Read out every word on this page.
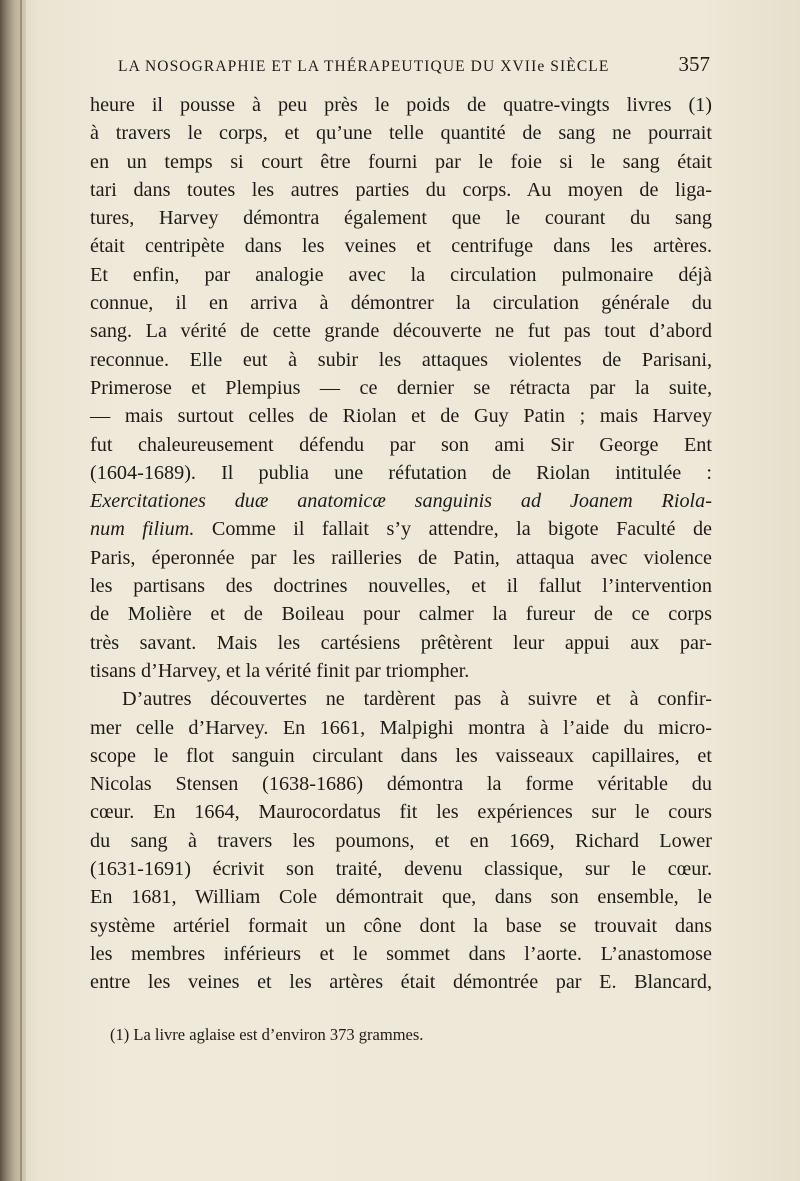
LA NOSOGRAPHIE ET LA THÉRAPEUTIQUE DU XVIIe SIÈCLE	357
heure il pousse à peu près le poids de quatre-vingts livres (1)
à travers le corps, et qu’une telle quantité de sang ne pourrait
en un temps si court être fourni par le foie si le sang était
tari dans toutes les autres parties du corps. Au moyen de liga-
tures, Harvey démontra également que le courant du sang
était centripète dans les veines et centrifuge dans les artères.
Et enfin, par analogie avec la circulation pulmonaire déjà
connue, il en arriva à démontrer la circulation générale du
sang. La vérité de cette grande découverte ne fut pas tout d’abord
reconnue. Elle eut à subir les attaques violentes de Parisani,
Primerose et Plempius — ce dernier se rétracta par la suite,
— mais surtout celles de Riolan et de Guy Patin ; mais Harvey
fut chaleureusement défendu par son ami Sir George Ent
(1604-1689). Il publia une réfutation de Riolan intitulée :
Exercitationes duæ anatomicæ sanguinis ad Joanem Riola-
num filium. Comme il fallait s’y attendre, la bigote Faculté de
Paris, éperonnée par les railleries de Patin, attaqua avec violence
les partisans des doctrines nouvelles, et il fallut l’intervention
de Molière et de Boileau pour calmer la fureur de ce corps
très savant. Mais les cartésiens prêtèrent leur appui aux par-
tisans d’Harvey, et la vérité finit par triompher.
D’autres découvertes ne tardèrent pas à suivre et à confir-
mer celle d’Harvey. En 1661, Malpighi montra à l’aide du micro-
scope le flot sanguin circulant dans les vaisseaux capillaires, et
Nicolas Stensen (1638-1686) démontra la forme véritable du
cœur. En 1664, Maurocordatus fit les expériences sur le cours
du sang à travers les poumons, et en 1669, Richard Lower
(1631-1691) écrivit son traité, devenu classique, sur le cœur.
En 1681, William Cole démontrait que, dans son ensemble, le
système artériel formait un cône dont la base se trouvait dans
les membres inférieurs et le sommet dans l’aorte. L’anastomose
entre les veines et les artères était démontrée par E. Blancard,
(1) La livre aglaise est d’environ 373 grammes.
